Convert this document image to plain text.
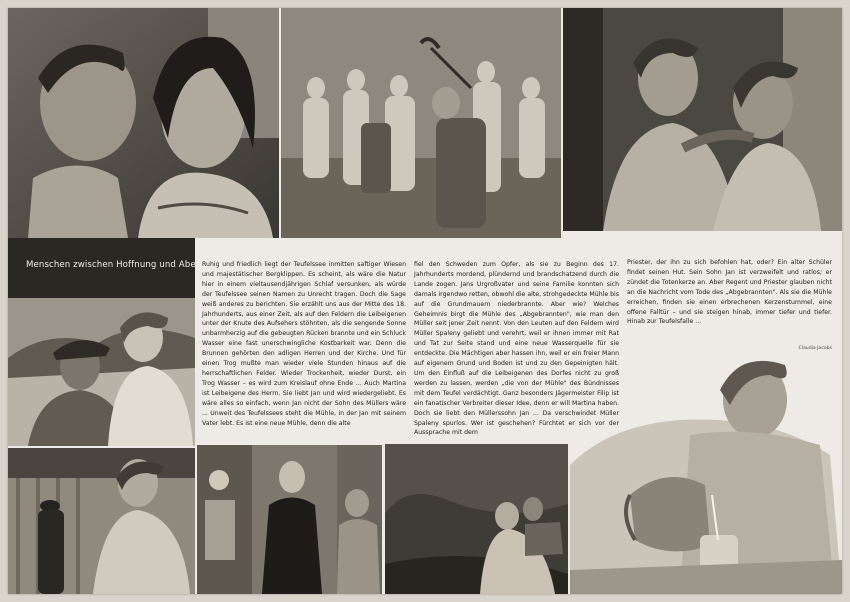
Menschen zwischen Hoffnung und Aberglaube

Ruhig und friedlich liegt der Teufelssee inmitten saftiger Wiesen und majestätischer Bergklippen. Es scheint, als wäre die Natur hier in einem vieltausendjährigen Schlaf versunken, als würde der Teufelssee seinen Namen zu Unrecht tragen. Doch die Sage weiß anderes zu berichten. Sie erzählt uns aus der Mitte des 18. Jahrhunderts, aus einer Zeit, als auf den Feldern die Leibeigenen unter der Knute des Aufsehers stöhnten, als die sengende Sonne unbarmherzig auf die gebeugten Rücken brannte und ein Schluck Wasser eine fast unerschwingliche Kostbarkeit war. Denn die Brunnen gehörten den adligen Herren und der Kirche. Und für einen Trog mußte man wieder viele Stunden hinaus auf die herrschaftlichen Felder. Wieder Trockenheit, wieder Durst, ein Trog Wasser – es wird zum Kreislauf ohne Ende ... Auch Martina ist Leibeigene des Herrn. Sie liebt Jan und wird wiedergeliebt. Es wäre alles so einfach, wenn Jan nicht der Sohn des Müllers wäre ... Unweit des Teufelssees steht die Mühle, in der Jan mit seinem Vater lebt. Es ist eine neue Mühle, denn die alte

fiel den Schweden zum Opfer, als sie zu Beginn des 17. Jahrhunderts mordend, plündernd und brandschatzend durch die Lande zogen. Jans Urgroßvater und seine Familie konnten sich damals irgendwo retten, obwohl die alte, strohgedeckte Mühle bis auf die Grundmauern niederbrannte. Aber wie? Welches Geheimnis birgt die Mühle des „Abgebrannten", wie man den Müller seit jener Zeit nennt. Von den Leuten auf den Feldern wird Müller Spaleny geliebt und verehrt, weil er ihnen immer mit Rat und Tat zur Seite stand und eine neue Wasserquelle für sie entdeckte. Die Mächtigen aber hassen ihn, weil er ein freier Mann auf eigenem Grund und Boden ist und zu den Gepeinigten hält. Um den Einfluß auf die Leibeigenen des Dorfes nicht zu groß werden zu lassen, werden „die von der Mühle" des Bündnisses mit dem Teufel verdächtigt. Ganz besonders Jägermeister Filip ist ein fanatischer Verbreiter dieser Idee, denn er will Martina haben. Doch sie liebt den Müllerssohn Jan ... Da verschwindet Müller Spaleny spurlos. Wer ist geschehen? Fürchtet er sich vor der Aussprache mit dem

Priester, der ihn zu sich befohlen hat, oder? Ein alter Schüler findet seinen Hut. Sein Sohn Jan ist verzweifelt und ratlos; er zündet die Totenkerze an. Aber Regent und Priester glauben nicht an die Nachricht vom Tode des „Abgebrannten". Als sie die Mühle erreichen, finden sie einen erbrechenen Kerzenstummel, eine offene Falltür – und sie steigen hinab, immer tiefer und tiefer. Hinab zur Teufelsfalle ...

Claudia Jacobs
